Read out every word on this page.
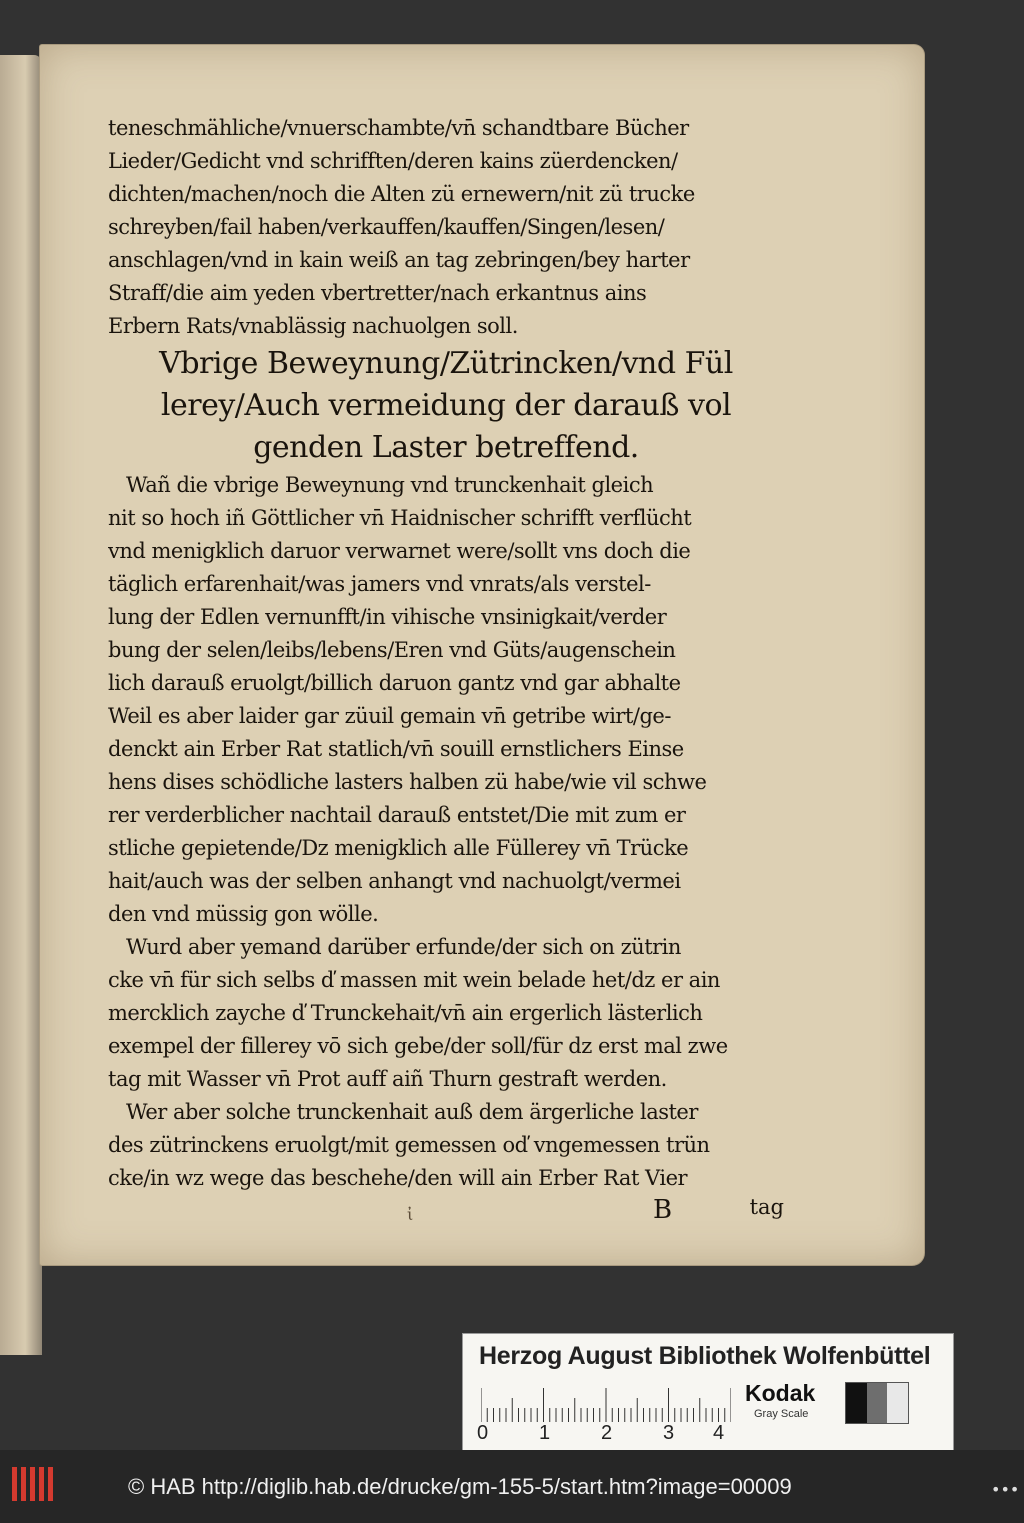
teneschmähliche/vnuerschambte/vn̄ schandtbare Bücher
Lieder/Gedicht vnd schrifften/deren kains züerdencken/
dichten/machen/noch die Alten zü ernewern/nit zü trucke
schreyben/fail haben/verkauffen/kauffen/Singen/lesen/
anschlagen/vnd in kain weiß an tag zebringen/bey harter
Straff/die aim yeden vbertretter/nach erkantnus ains
Erbern Rats/vnablässig nachuolgen soll.
Vbrige Beweynung/Zütrincken/vnd Fül
lerey/Auch vermeidung der darauß vol
genden Laster betreffend.
Wañ die vbrige Beweynung vnd trunckenhait gleich
nit so hoch iñ Göttlicher vn̄ Haidnischer schrifft verflücht
vnd menigklich daruor verwarnet were/sollt vns doch die
täglich erfarenhait/was jamers vnd vnrats/als verstel-
lung der Edlen vernunfft/in vihische vnsinigkait/verder
bung der selen/leibs/lebens/Eren vnd Güts/augenschein
lich darauß eruolgt/billich daruon gantz vnd gar abhalte
Weil es aber laider gar züuil gemain vn̄ getribe wirt/ge-
denckt ain Erber Rat statlich/vn̄ souill ernstlichers Einse
hens dises schödliche lasters halben zü habe/wie vil schwe
rer verderblicher nachtail darauß entstet/Die mit zum er
stliche gepietende/Dz menigklich alle Füllerey vn̄ Trücke
hait/auch was der selben anhangt vnd nachuolgt/vermei
den vnd müssig gon wölle.
Wurd aber yemand darüber erfunde/der sich on zütrin
cke vn̄ für sich selbs ď massen mit wein belade het/dz er ain
mercklich zayche ď Trunckehait/vn̄ ain ergerlich lästerlich
exempel der fillerey vō sich gebe/der soll/für dz erst mal zwe
tag mit Wasser vn̄ Prot auff aiñ Thurn gestraft werden.
Wer aber solche trunckenhait auß dem ärgerliche laster
des zütrinckens eruolgt/mit gemessen oď vngemessen trün
cke/in wz wege das beschehe/den will ain Erber Rat Vier
B	tag
ἰ
Herzog August Bibliothek Wolfenbüttel
0	1	2	3 4
Kodak
Gray Scale
© HAB http://diglib.hab.de/drucke/gm-155-5/start.htm?image=00009	•••
